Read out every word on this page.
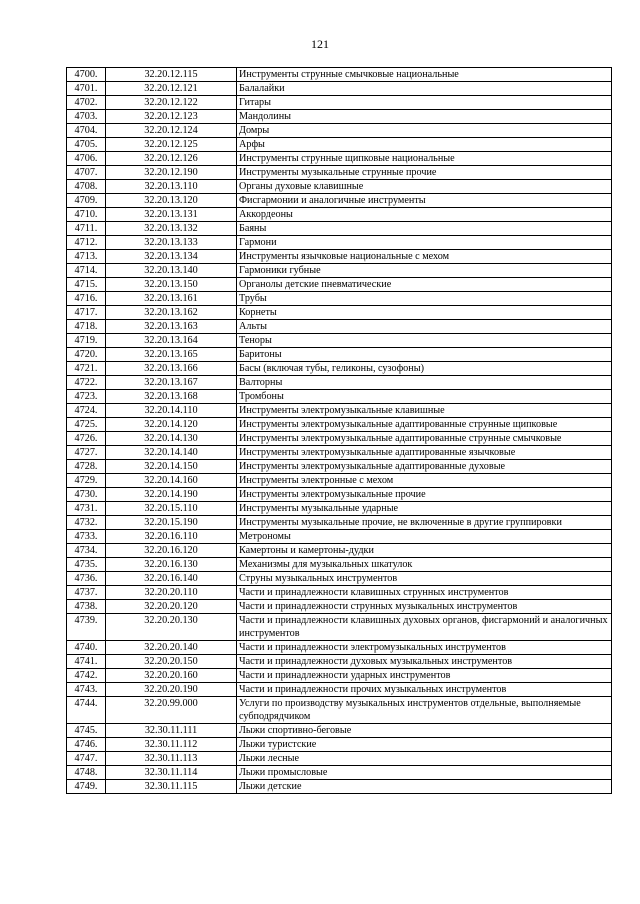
121
4700.	32.20.12.115	Инструменты струнные смычковые национальные
4701.	32.20.12.121	Балалайки
4702.	32.20.12.122	Гитары
4703.	32.20.12.123	Мандолины
4704.	32.20.12.124	Домры
4705.	32.20.12.125	Арфы
4706.	32.20.12.126	Инструменты струнные щипковые национальные
4707.	32.20.12.190	Инструменты музыкальные струнные прочие
4708.	32.20.13.110	Органы духовые клавишные
4709.	32.20.13.120	Фисгармонии и аналогичные инструменты
4710.	32.20.13.131	Аккордеоны
4711.	32.20.13.132	Баяны
4712.	32.20.13.133	Гармони
4713.	32.20.13.134	Инструменты язычковые национальные с мехом
4714.	32.20.13.140	Гармоники губные
4715.	32.20.13.150	Органолы детские пневматические
4716.	32.20.13.161	Трубы
4717.	32.20.13.162	Корнеты
4718.	32.20.13.163	Альты
4719.	32.20.13.164	Теноры
4720.	32.20.13.165	Баритоны
4721.	32.20.13.166	Басы (включая тубы, геликоны, сузофоны)
4722.	32.20.13.167	Валторны
4723.	32.20.13.168	Тромбоны
4724.	32.20.14.110	Инструменты электромузыкальные клавишные
4725.	32.20.14.120	Инструменты электромузыкальные адаптированные струнные щипковые
4726.	32.20.14.130	Инструменты электромузыкальные адаптированные струнные смычковые
4727.	32.20.14.140	Инструменты электромузыкальные адаптированные язычковые
4728.	32.20.14.150	Инструменты электромузыкальные адаптированные духовые
4729.	32.20.14.160	Инструменты электронные с мехом
4730.	32.20.14.190	Инструменты электромузыкальные прочие
4731.	32.20.15.110	Инструменты музыкальные ударные
4732.	32.20.15.190	Инструменты музыкальные прочие, не включенные в другие группировки
4733.	32.20.16.110	Метрономы
4734.	32.20.16.120	Камертоны и камертоны-дудки
4735.	32.20.16.130	Механизмы для музыкальных шкатулок
4736.	32.20.16.140	Струны музыкальных инструментов
4737.	32.20.20.110	Части и принадлежности клавишных струнных инструментов
4738.	32.20.20.120	Части и принадлежности струнных музыкальных инструментов
4739.	32.20.20.130	Части и принадлежности клавишных духовых органов, фисгармоний и аналогичных инструментов
4740.	32.20.20.140	Части и принадлежности электромузыкальных инструментов
4741.	32.20.20.150	Части и принадлежности духовых музыкальных инструментов
4742.	32.20.20.160	Части и принадлежности ударных инструментов
4743.	32.20.20.190	Части и принадлежности прочих музыкальных инструментов
4744.	32.20.99.000	Услуги по производству музыкальных инструментов отдельные, выполняемые субподрядчиком
4745.	32.30.11.111	Лыжи спортивно-беговые
4746.	32.30.11.112	Лыжи туристские
4747.	32.30.11.113	Лыжи лесные
4748.	32.30.11.114	Лыжи промысловые
4749.	32.30.11.115	Лыжи детские
